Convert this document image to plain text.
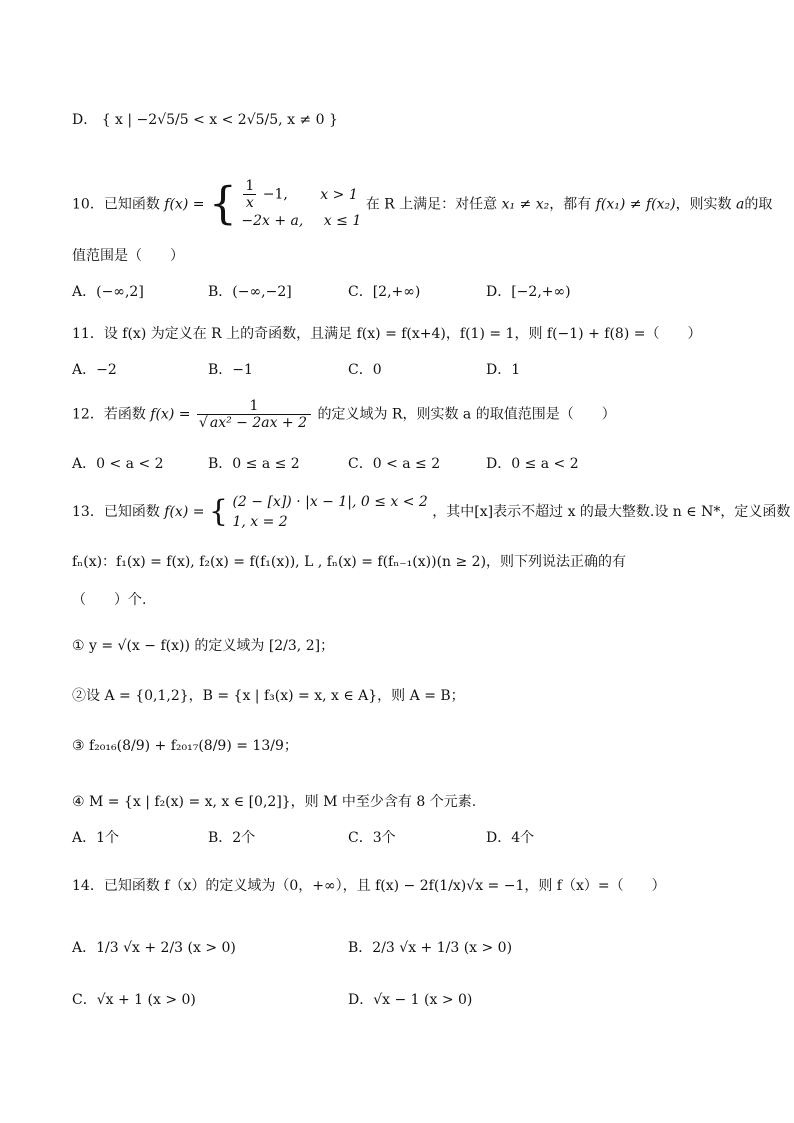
D． { x | −2√5/5 < x < 2√5/5, x ≠ 0 }
10．已知函数 f(x) = { $\frac{1}{x} -1$, x > 1
−2x + a, x ≤ 1
在 R 上满足：对任意 x₁ ≠ x₂，都有 f(x₁) ≠ f(x₂)，则实数 a的取
值范围是（　　）
A．(−∞,2]	B．(−∞,−2]	C．[2,+∞)	D．[−2,+∞)
11．设 f(x) 为定义在 R 上的奇函数，且满足 f(x) = f(x+4)，f(1) = 1，则 f(−1) + f(8) =（　　）
A．−2	B．−1	C．0	D．1
12．若函数 $f(x) = \frac{1}{\text{√ ax² − 2ax + 2}}$ 的定义域为 R，则实数 a 的取值范围是（　　）
A．0 < a < 2	B．0 ≤ a ≤ 2	C．0 < a ≤ 2	D．0 ≤ a < 2
13．已知函数 f(x) = { (2 − [x]) · |x − 1|, 0 ≤ x < 2
1, x = 2
，其中[x]表示不超过 x 的最大整数.设 n ∈ N*，定义函数
fₙ(x)：f₁(x) = f(x), f₂(x) = f(f₁(x)), L , fₙ(x) = f(fₙ₋₁(x))(n ≥ 2)，则下列说法正确的有
（　　）个.
① y = √(x − f(x)) 的定义域为 [2/3, 2]；
②设 A = {0,1,2}，B = {x | f₃(x) = x, x ∈ A}，则 A = B；
③ f₂₀₁₆(8/9) + f₂₀₁₇(8/9) = 13/9；
④ M = {x | f₂(x) = x, x ∈ [0,2]}，则 M 中至少含有 8 个元素.
A．1个	B．2个	C．3个	D．4个
14．已知函数 f（x）的定义域为（0，+∞），且 f(x) − 2f(1/x)√x = −1，则 f（x）=（　　）
A．1/3 √x + 2/3 (x > 0)	B．2/3 √x + 1/3 (x > 0)
C．√x + 1 (x > 0)	D．√x − 1 (x > 0)
